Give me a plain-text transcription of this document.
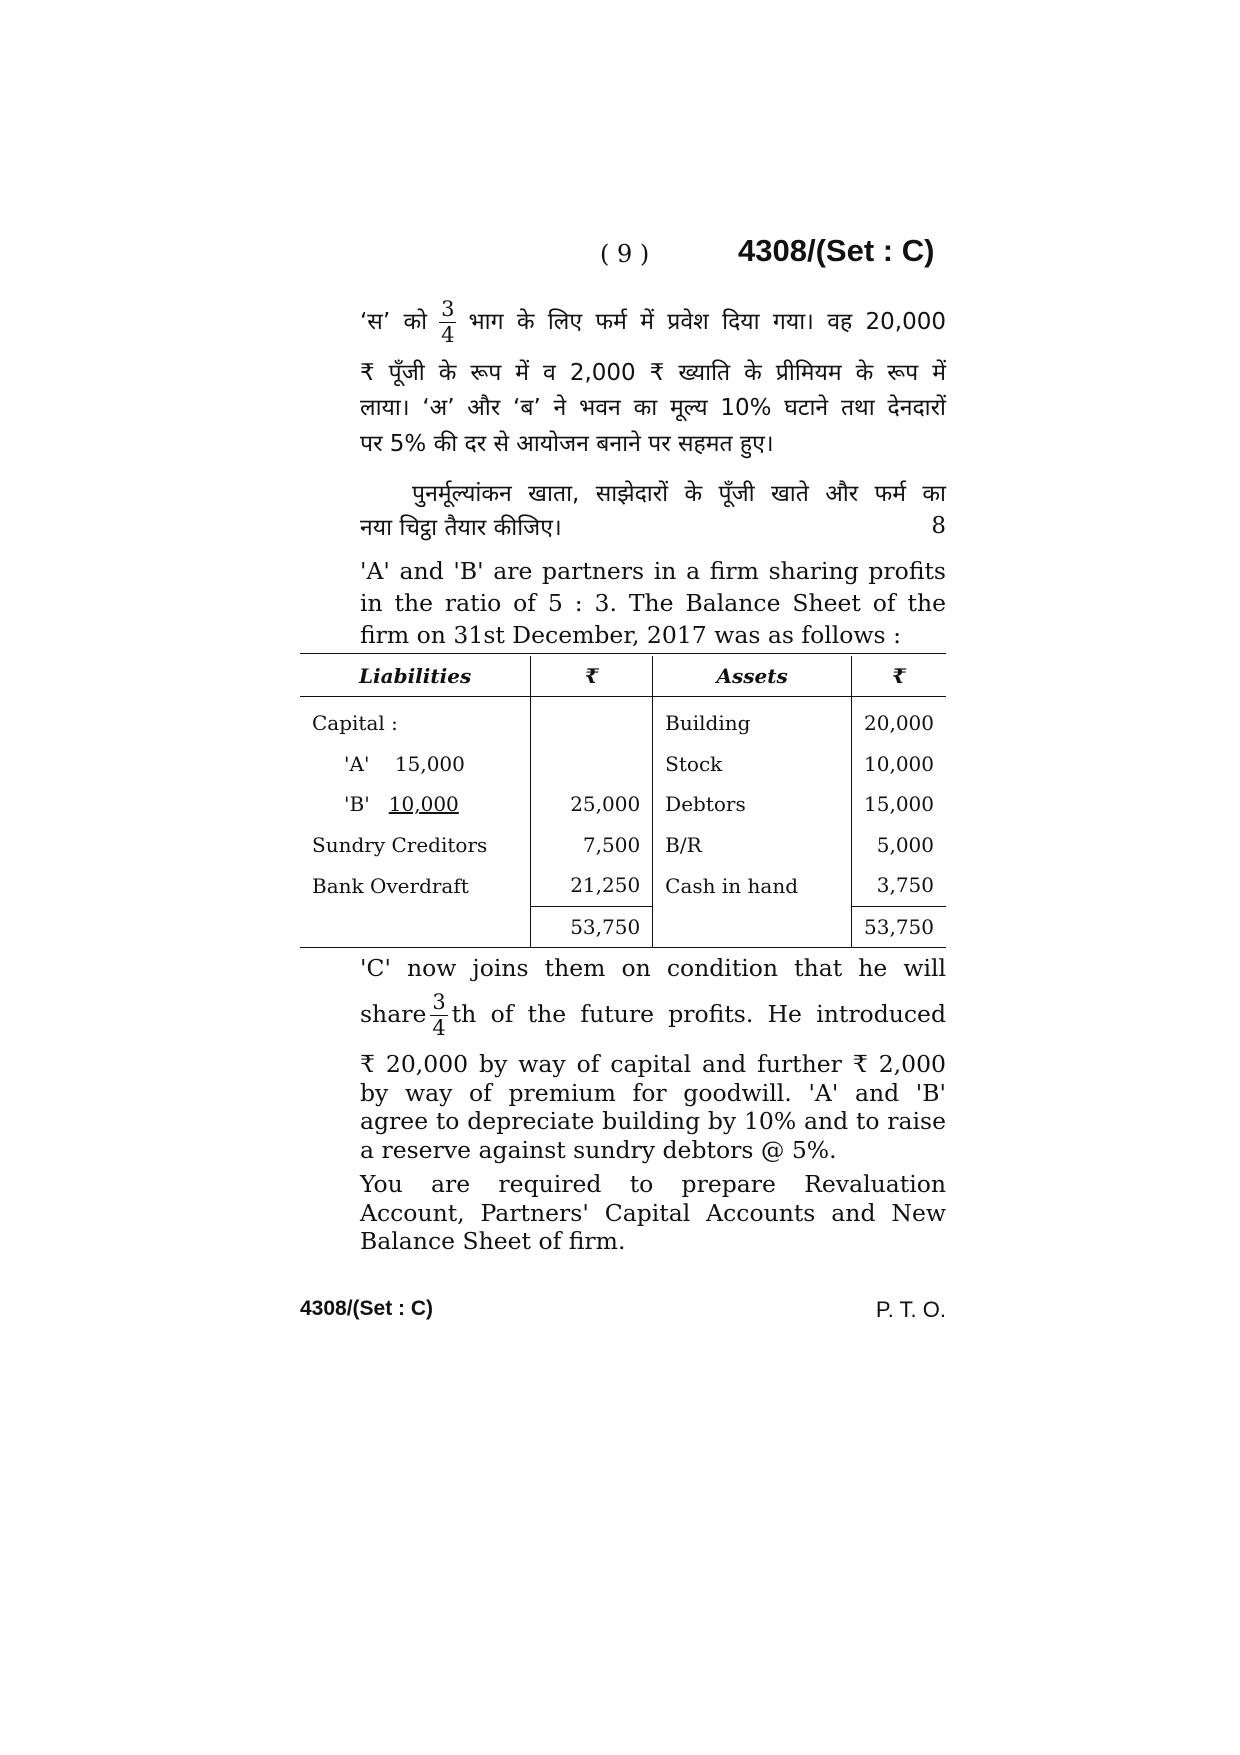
( 9 )	4308/(Set : C)
‘स’ को $\frac{3}{4}$ भाग के लिए फर्म में प्रवेश दिया गया। वह 20,000
₹ पूँजी के रूप में व 2,000 ₹ ख्याति के प्रीमियम के रूप में
लाया। ‘अ’ और ‘ब’ ने भवन का मूल्य 10% घटाने तथा देनदारों
पर 5% की दर से आयोजन बनाने पर सहमत हुए।
पुनर्मूल्यांकन खाता, साझेदारों के पूँजी खाते और फर्म का
नया चिट्ठा तैयार कीजिए।	8
'A' and 'B' are partners in a firm sharing profits
in the ratio of 5 : 3. The Balance Sheet of the
firm on 31st December, 2017 was as follows :
Liabilities	₹	Assets	₹
Capital :		Building	20,000
'A' 15,000		Stock	10,000
'B' 10,000	25,000	Debtors	15,000
Sundry Creditors	7,500	B/R	5,000
Bank Overdraft	21,250	Cash in hand	3,750
	53,750		53,750
'C' now joins them on condition that he will
share $\frac{3}{4}$ th of the future profits. He introduced
₹ 20,000 by way of capital and further ₹ 2,000 by way of premium for goodwill. 'A' and 'B' agree to depreciate building by 10% and to raise a reserve against sundry debtors @ 5%.
You are required to prepare Revaluation Account, Partners' Capital Accounts and New Balance Sheet of firm.
4308/(Set : C)	P. T. O.
